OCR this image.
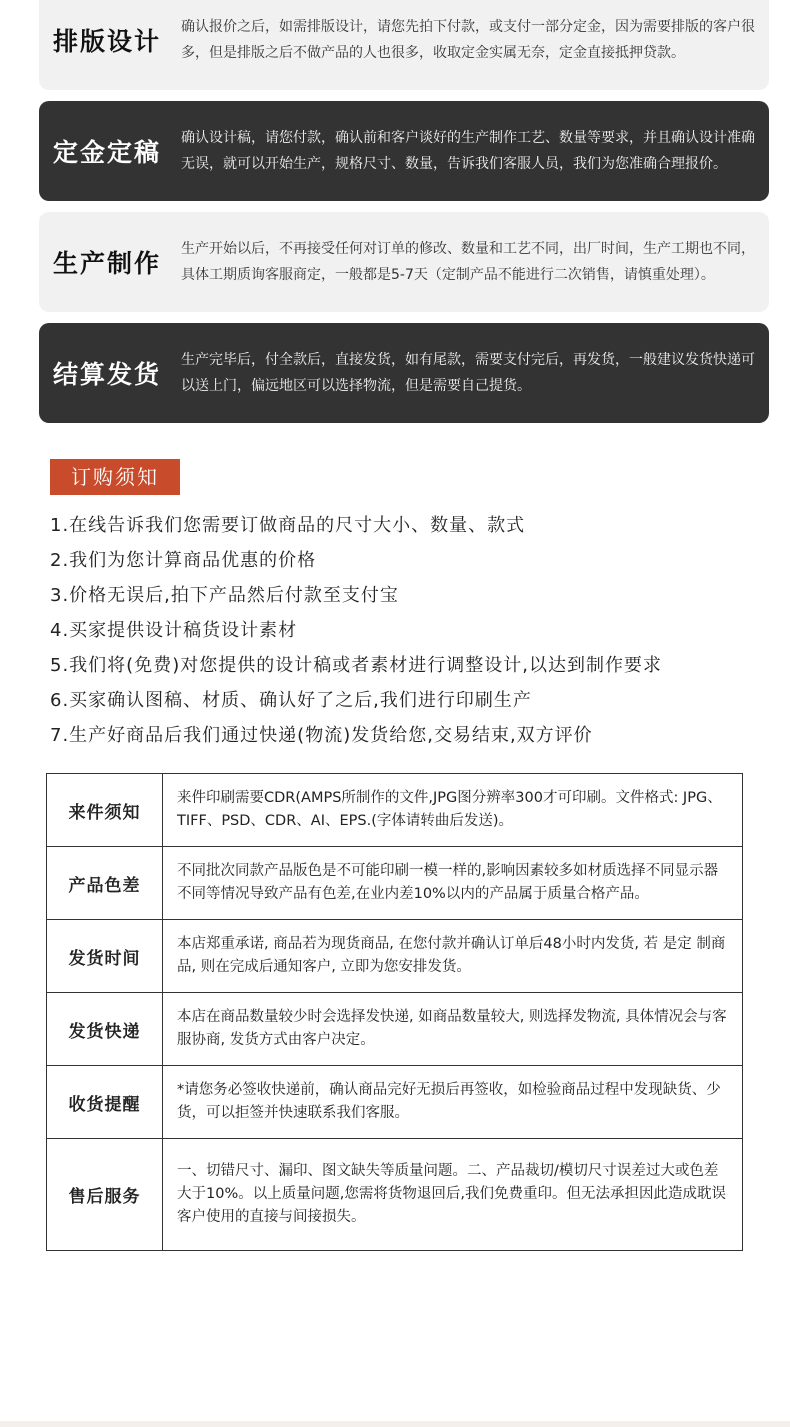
排版设计	确认报价之后，如需排版设计，请您先拍下付款，或支付一部分定金，因为需要排版的客户很多，但是排版之后不做产品的人也很多，收取定金实属无奈，定金直接抵押贷款。
定金定稿	确认设计稿，请您付款，确认前和客户谈好的生产制作工艺、数量等要求，并且确认设计准确无误，就可以开始生产，规格尺寸、数量，告诉我们客服人员，我们为您准确合理报价。
生产制作	生产开始以后，不再接受任何对订单的修改、数量和工艺不同，出厂时间，生产工期也不同，具体工期质询客服商定，一般都是5-7天（定制产品不能进行二次销售，请慎重处理）。
结算发货	生产完毕后，付全款后，直接发货，如有尾款，需要支付完后，再发货，一般建议发货快递可以送上门，偏远地区可以选择物流，但是需要自己提货。
订购须知
1.在线告诉我们您需要订做商品的尺寸大小、数量、款式
2.我们为您计算商品优惠的价格
3.价格无误后,拍下产品然后付款至支付宝
4.买家提供设计稿货设计素材
5.我们将(免费)对您提供的设计稿或者素材进行调整设计,以达到制作要求
6.买家确认图稿、材质、确认好了之后,我们进行印刷生产
7.生产好商品后我们通过快递(物流)发货给您,交易结束,双方评价
来件须知	来件印刷需要CDR(AMPS所制作的文件,JPG图分辨率300才可印刷。文件格式: JPG、TIFF、PSD、CDR、AI、EPS.(字体请转曲后发送)。
产品色差	不同批次同款产品版色是不可能印刷一模一样的,影响因素较多如材质选择不同显示器不同等情况导致产品有色差,在业内差10%以内的产品属于质量合格产品。
发货时间	本店郑重承诺, 商品若为现货商品, 在您付款并确认订单后48小时内发货, 若 是定 制商品, 则在完成后通知客户, 立即为您安排发货。
发货快递	本店在商品数量较少时会选择发快递, 如商品数量较大, 则选择发物流, 具体情况会与客服协商, 发货方式由客户决定。
收货提醒	*请您务必签收快递前，确认商品完好无损后再签收，如检验商品过程中发现缺货、少货，可以拒签并快速联系我们客服。
售后服务	一、切错尺寸、漏印、图文缺失等质量问题。二、产品裁切/模切尺寸误差过大或色差大于10%。以上质量问题,您需将货物退回后,我们免费重印。但无法承担因此造成耽误客户使用的直接与间接损失。
